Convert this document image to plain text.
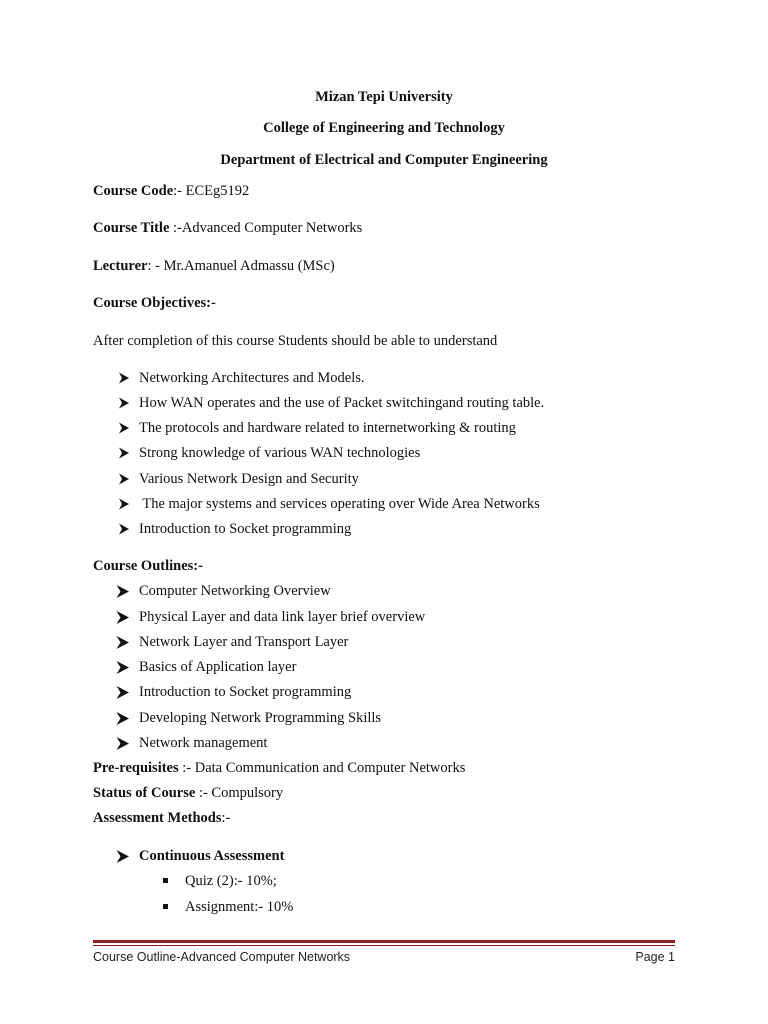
Mizan Tepi University

College of Engineering and Technology

Department of Electrical and Computer Engineering

Course Code:- ECEg5192

Course Title :-Advanced Computer Networks

Lecturer: - Mr.Amanuel Admassu (MSc)

Course Objectives:-

After completion of this course Students should be able to understand

Networking Architectures and Models.
How WAN operates and the use of Packet switchingand routing table.
The protocols and hardware related to internetworking & routing
Strong knowledge of various WAN technologies
Various Network Design and Security
The major systems and services operating over Wide Area Networks
Introduction to Socket programming

Course Outlines:-

Computer Networking Overview
Physical Layer and data link layer brief overview
Network Layer and Transport Layer
Basics of Application layer
Introduction to Socket programming
Developing Network Programming Skills
Network management

Pre-requisites :- Data Communication and Computer Networks

Status of Course :- Compulsory

Assessment Methods:-

Continuous Assessment
Quiz (2):- 10%;
Assignment:- 10%
Course Outline-Advanced Computer Networks	Page 1
